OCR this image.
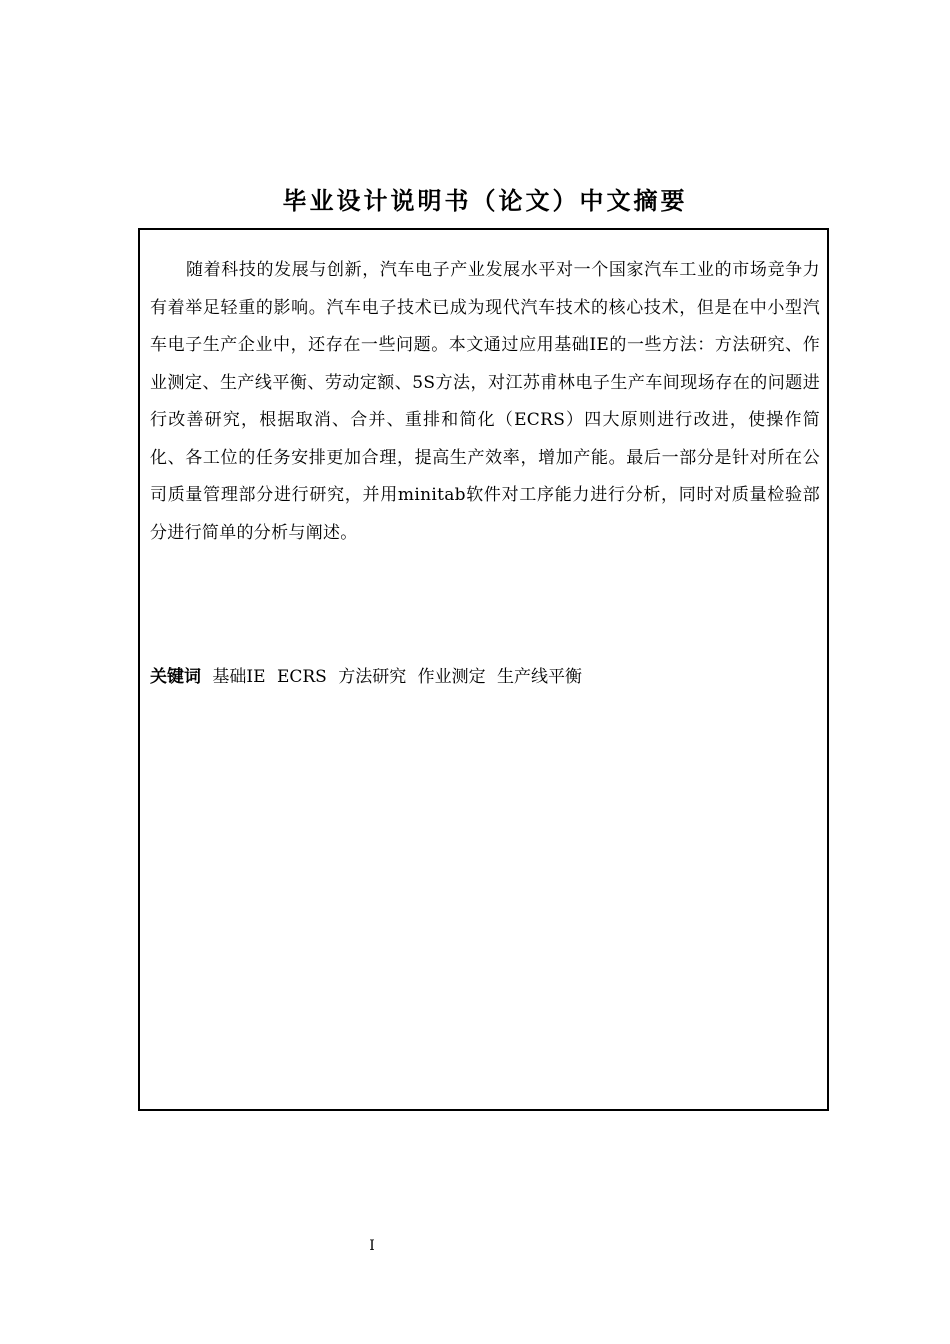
毕业设计说明书（论文）中文摘要

随着科技的发展与创新，汽车电子产业发展水平对一个国家汽车工业的市场竞争力有着举足轻重的影响。汽车电子技术已成为现代汽车技术的核心技术，但是在中小型汽车电子生产企业中，还存在一些问题。本文通过应用基础IE的一些方法：方法研究、作业测定、生产线平衡、劳动定额、5S方法，对江苏甫林电子生产车间现场存在的问题进行改善研究，根据取消、合并、重排和简化（ECRS）四大原则进行改进，使操作简化、各工位的任务安排更加合理，提高生产效率，增加产能。最后一部分是针对所在公司质量管理部分进行研究，并用minitab软件对工序能力进行分析，同时对质量检验部分进行简单的分析与阐述。

关键词 基础IE ECRS 方法研究 作业测定 生产线平衡
I
